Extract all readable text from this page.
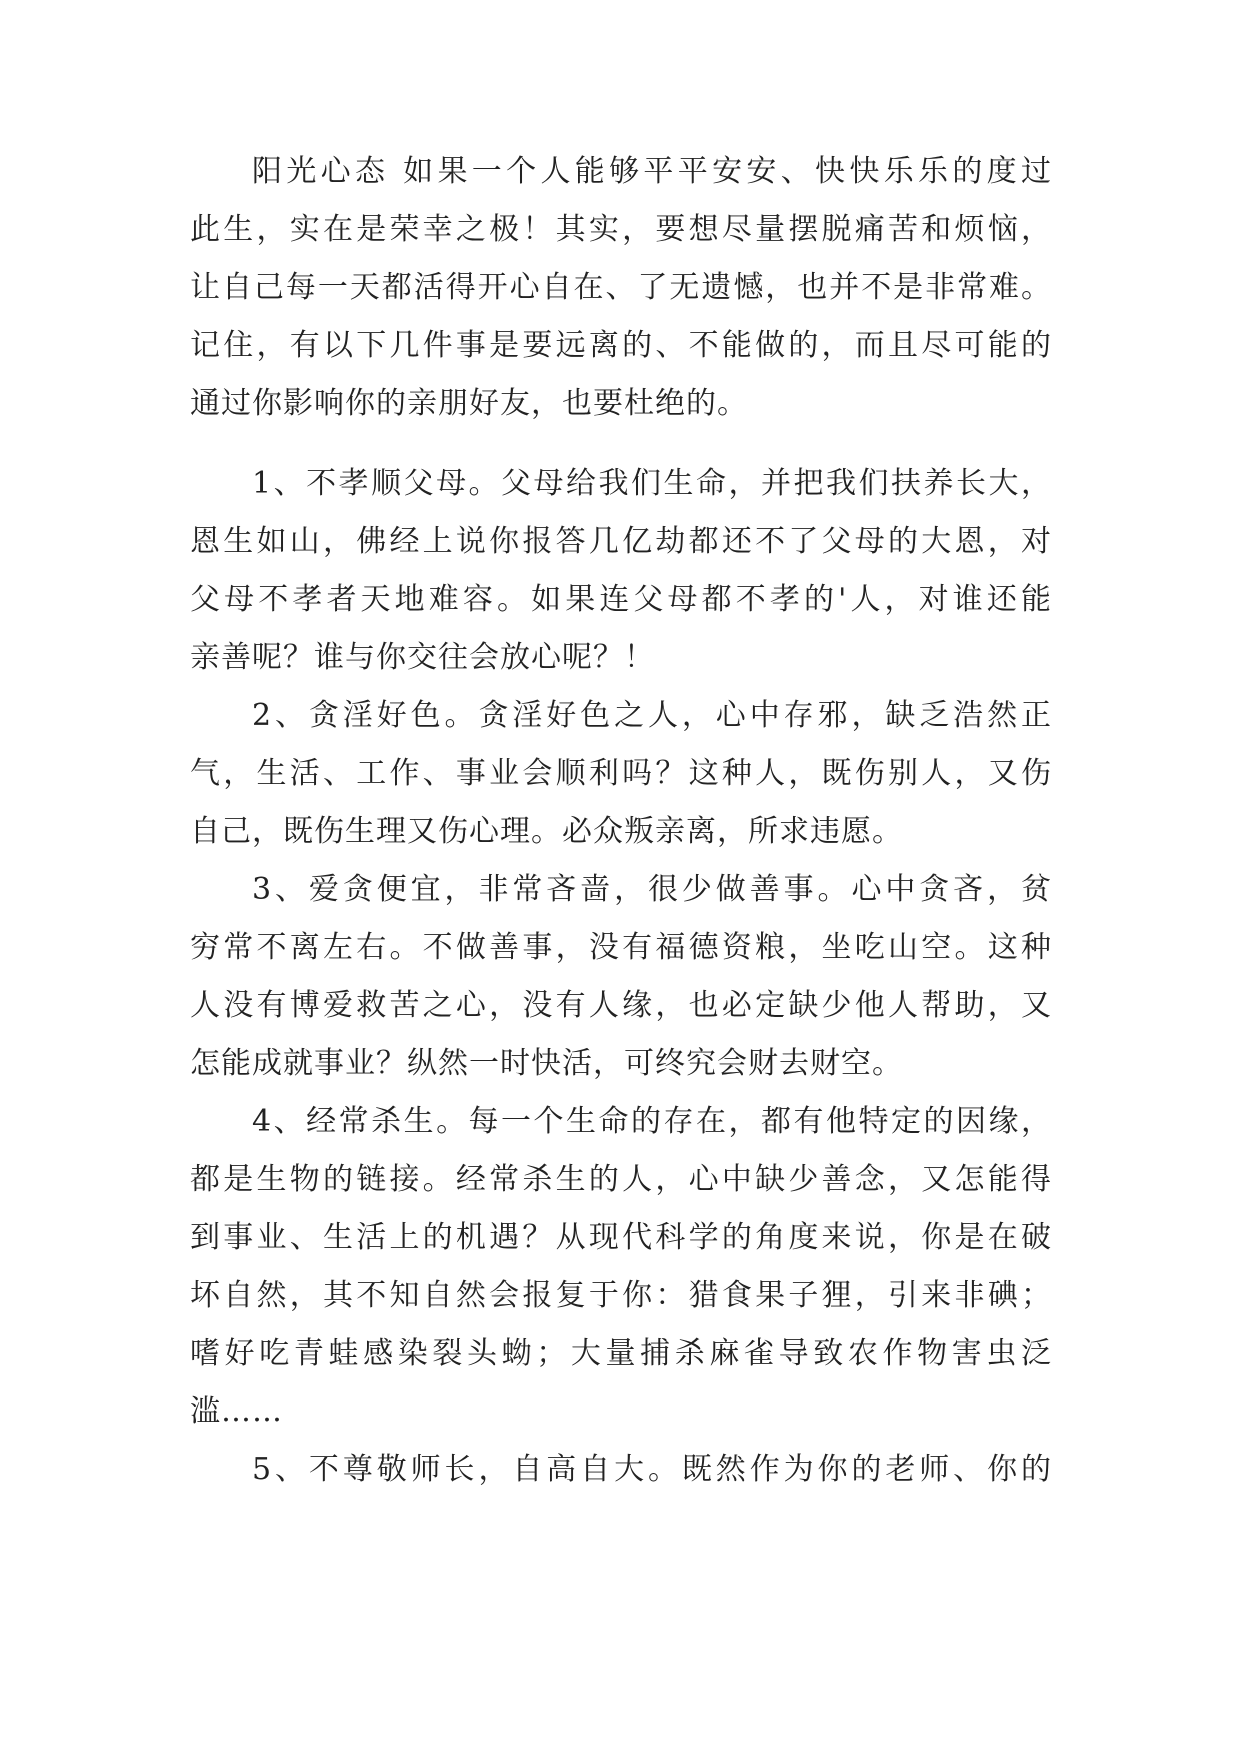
阳光心态 如果一个人能够平平安安、快快乐乐的度过
此生，实在是荣幸之极！其实，要想尽量摆脱痛苦和烦恼，
让自己每一天都活得开心自在、了无遗憾，也并不是非常难。
记住，有以下几件事是要远离的、不能做的，而且尽可能的
通过你影响你的亲朋好友，也要杜绝的。
1、不孝顺父母。父母给我们生命，并把我们扶养长大，
恩生如山，佛经上说你报答几亿劫都还不了父母的大恩，对
父母不孝者天地难容。如果连父母都不孝的'人，对谁还能
亲善呢？谁与你交往会放心呢？！
2、贪淫好色。贪淫好色之人，心中存邪，缺乏浩然正
气，生活、工作、事业会顺利吗？这种人，既伤别人，又伤
自己，既伤生理又伤心理。必众叛亲离，所求违愿。
3、爱贪便宜，非常吝啬，很少做善事。心中贪吝，贫
穷常不离左右。不做善事，没有福德资粮，坐吃山空。这种
人没有博爱救苦之心，没有人缘，也必定缺少他人帮助，又
怎能成就事业？纵然一时快活，可终究会财去财空。
4、经常杀生。每一个生命的存在，都有他特定的因缘，
都是生物的链接。经常杀生的人，心中缺少善念，又怎能得
到事业、生活上的机遇？从现代科学的角度来说，你是在破
坏自然，其不知自然会报复于你：猎食果子狸，引来非碘；
嗜好吃青蛙感染裂头蚴；大量捕杀麻雀导致农作物害虫泛
滥……
5、不尊敬师长，自高自大。既然作为你的老师、你的
